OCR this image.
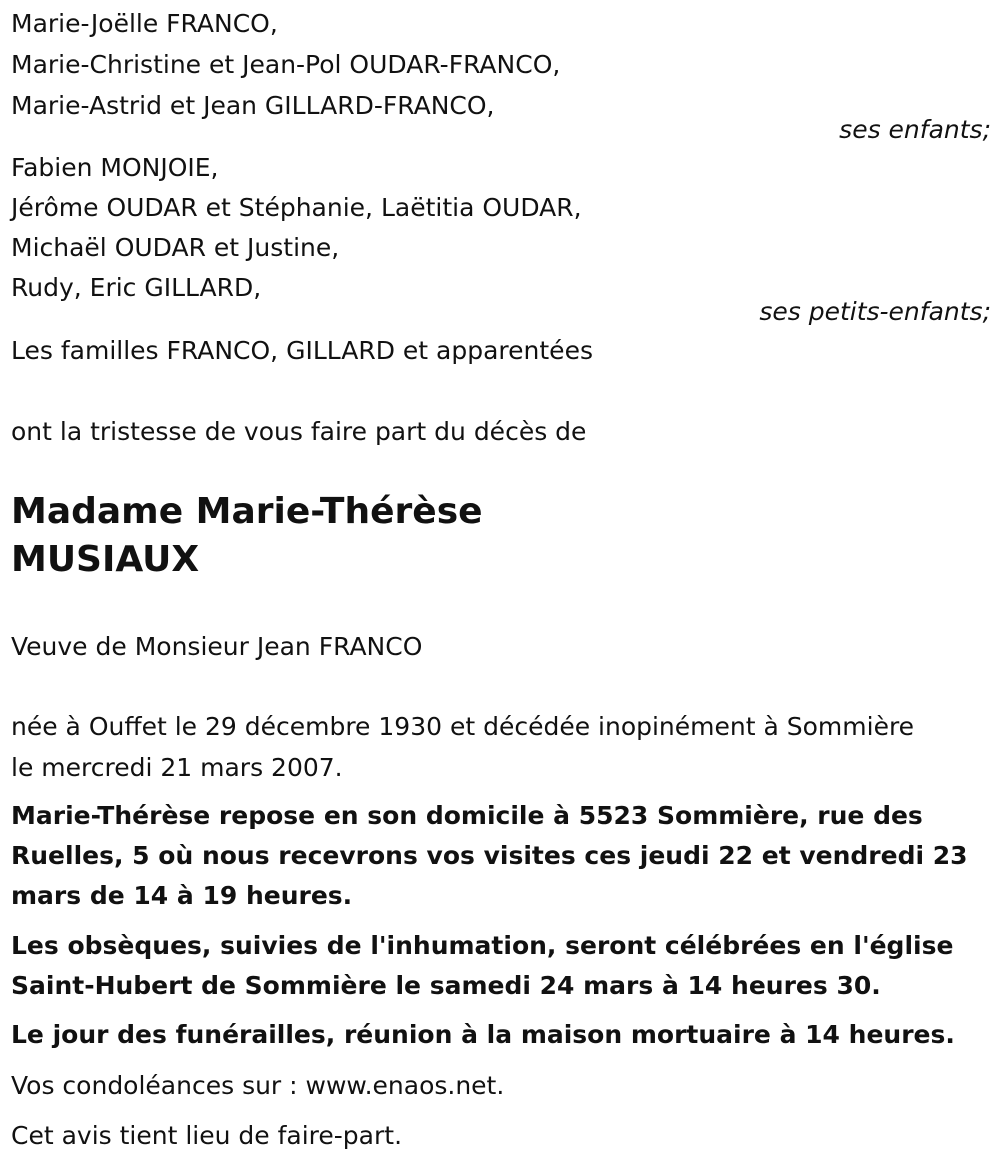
Marie-Joëlle FRANCO,
Marie-Christine et Jean-Pol OUDAR-FRANCO,
Marie-Astrid et Jean GILLARD-FRANCO,
ses enfants;
Fabien MONJOIE,
Jérôme OUDAR et Stéphanie, Laëtitia OUDAR,
Michaël OUDAR et Justine,
Rudy, Eric GILLARD,
ses petits-enfants;
Les familles FRANCO, GILLARD et apparentées
ont la tristesse de vous faire part du décès de
Madame Marie-Thérèse
MUSIAUX
Veuve de Monsieur Jean FRANCO
née à Ouffet le 29 décembre 1930 et décédée inopinément à Sommière
le mercredi 21 mars 2007.
Marie-Thérèse repose en son domicile à 5523 Sommière, rue des
Ruelles, 5 où nous recevrons vos visites ces jeudi 22 et vendredi 23
mars de 14 à 19 heures.
Les obsèques, suivies de l'inhumation, seront célébrées en l'église
Saint-Hubert de Sommière le samedi 24 mars à 14 heures 30.
Le jour des funérailles, réunion à la maison mortuaire à 14 heures.
Vos condoléances sur : www.enaos.net.
Cet avis tient lieu de faire-part.
